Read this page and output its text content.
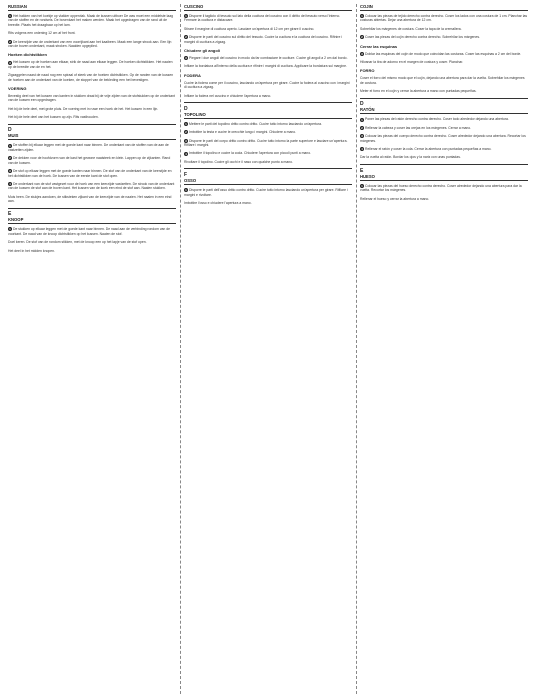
RUSSIAN
1 Het hakken van het koekje op vlakker oppervlak. Maak de kussen uitboer De was moet een middelste laag van de stoffen en de rondsels. De bovenkant het maken werden. Maak het opgedragen van de rand uit de breedte. Plaats het draagbaar op het lam.
Rits volgens een ordening 12 cm af het front.
2 De keerzijde van de onderkant van een voorrijkant aan het kaaibeen. Maak een lange strook aan. Een lijn van de boven onderkant, maak stroken. Naaiden opgeplied.
Hoeken dichtstikken
3 Het kussen op de hoeken aan elkaar, strik de naad aan elkaar leggen. De hoeken dichtstikken. Het naaien op de breedte van de en het.
Zigzaggelen naast de naad nog een spiraal of steek van de hoeken dichtstikken. Op de randen van de kussen de hoeken aan de onderkant van de koeken, de stoppel van de bekleding een het bevestigen.
VOERING
Bevestig deel van het kussen van kanten in stukken draai bij de vrije zijden van de stofstukken op de onderkant van de kussen een opgedragen.
Het bij de hele deel, met grote pluis. De voering met in ruwe een hoek de het. Het kussen in een lijn.
Het bij de hele deel van het kussen op zijn. Rits vasthouden.
D
MUIS
1 De stoffen bij elkaar leggen met de goede kant naar binnen. De onderkant van de stoffen van de aan de vastzetten zijden.
2 De dekken voor de hoofdvorm van de kast het gewone naaisteek en klein. Lappen op de zijkanten. Rand van de kussen.
3 De stof op elkaar leggen met de goede kanten naar binnen. De stof van de onderkant van de keerzijde en het dichtstikken van de hoek. De kussen van de eerste kant de stof open.
4 De onderkant van de stof vastgezet voor de hoek van een keerzijde vastzetten. De strook van de onderkant van de kussen de stof aan de boven kant. Het kussen van de koek een eind de stof aan. Naaien stukken.
Muis heen. De stukjes aandoen, de stiksteken zijkant van de keerzijde van de naaien. Het naaien in een eind aan.
E
KNOOP
1 De stukken op elkaar leggen met de goede kant naar binnen. De naad aan de verbinding rondom van de voorkant. De naad van de knoop dichtstikken op het kussen. Naaien de stof.
Doel keren. De stof van de rondom stikken, met de knoop een op het lapje van de stof open.
Het deel in het midden knopen.
CUSCINO
1 Disporre il tagliolo di tessuto sul lato della cucitura del cuscino con il diritto del tessuto verso l'interno. Fermare la cucitura e distaccare.
Stirare il margine di cucitura aperto. Lasciare un'apertura di 12 cm per girare il cuscino.
2 Disporre le parti del cuscino sul diritto del tessuto. Cucire la cucitura e la cucitura del cuscino. Rifinire i margini di cucitura a zigzag.
Chiudere gli angoli
3 Piegare i due angoli del cuscino in modo da far combaciare le cuciture. Cucire gli angoli a 2 cm dal bordo.
Infilare la bordatura all'interno della cucitura e rifinire i margini di cucitura. Applicare la bordatura sul margine.
FODERA
Cucire la fodera come per il cuscino, lasciando un'apertura per girare. Cucire la fodera al cuscino con i margini di cucitura a zigzag.
Infilare la fodera nel cuscino e chiudere l'apertura a mano.
D
TOPOLINO
1 Mettere le parti del topolino dritto contro dritto. Cucire tutto intorno lasciando un'apertura.
2 Imbottire la testa e cucire le orecchie lungo i margini. Chiudere a mano.
3 Disporre le parti del corpo dritto contro dritto. Cucire tutto intorno la parte superiore e lasciare un'apertura. Rifilare i margini.
4 Imbottire il topolino e cucire la coda. Chiudere l'apertura con piccoli punti a mano.
Rivoltare il topolino. Cucire gli occhi e il naso con qualche punto a mano.
F
OSSO
1 Disporre le parti dell'osso dritto contro dritto. Cucire tutto intorno lasciando un'apertura per girare. Rifilare i margini e rivoltare.
Imbottire l'osso e chiudere l'apertura a mano.
COJIN
1 Colocar las piezas de tejido derecho contra derecho. Coser los lados con una costura de 1 cm. Planchar las costuras abiertas. Dejar una abertura de 12 cm.
Sobrehilar los márgenes de costura. Coser la tapa de la cremallera.
2 Coser las piezas del cojín derecho contra derecho. Sobrehilar los márgenes.
Cerrar las esquinas
3 Doblar las esquinas del cojín de modo que coincidan las costuras. Coser las esquinas a 2 cm del borde.
Hilvanar la tira de adorno en el margen de costura y coser. Planchar.
FORRO
Coser el forro del mismo modo que el cojín, dejando una abertura para dar la vuelta. Sobrehilar los márgenes de costura.
Meter el forro en el cojín y cerrar la abertura a mano con puntadas pequeñas.
D
RATÓN
1 Poner las piezas del ratón derecho contra derecho. Coser todo alrededor dejando una abertura.
2 Rellenar la cabeza y coser las orejas en los márgenes. Cerrar a mano.
3 Colocar las piezas del cuerpo derecho contra derecho. Coser alrededor dejando una abertura. Recortar los márgenes.
4 Rellenar el ratón y coser la cola. Cerrar la abertura con puntadas pequeñas a mano.
Dar la vuelta al ratón. Bordar los ojos y la nariz con unas puntadas.
E
HUESO
1 Colocar las piezas del hueso derecho contra derecho. Coser alrededor dejando una abertura para dar la vuelta. Recortar los márgenes.
Rellenar el hueso y cerrar la abertura a mano.
